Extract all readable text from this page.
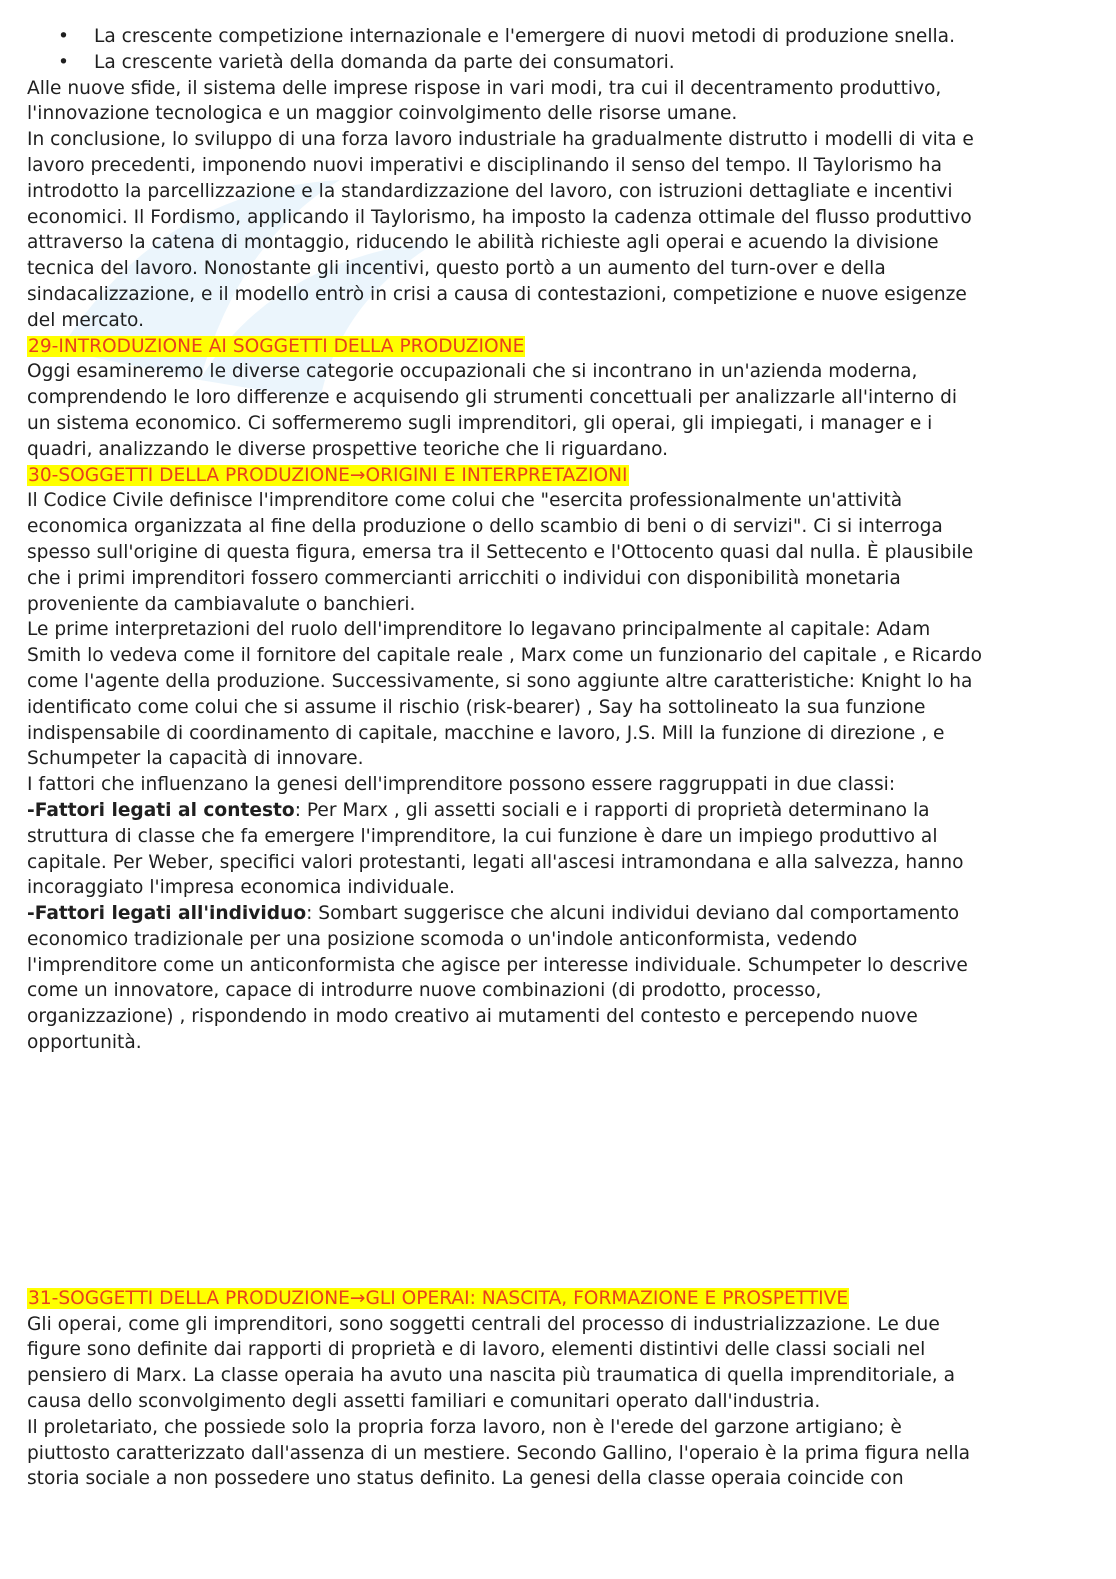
• La crescente competizione internazionale e l'emergere di nuovi metodi di produzione snella.
• La crescente varietà della domanda da parte dei consumatori.
Alle nuove sfide, il sistema delle imprese rispose in vari modi, tra cui il decentramento produttivo,
l'innovazione tecnologica e un maggior coinvolgimento delle risorse umane.
In conclusione, lo sviluppo di una forza lavoro industriale ha gradualmente distrutto i modelli di vita e
lavoro precedenti, imponendo nuovi imperativi e disciplinando il senso del tempo. Il Taylorismo ha
introdotto la parcellizzazione e la standardizzazione del lavoro, con istruzioni dettagliate e incentivi
economici. Il Fordismo, applicando il Taylorismo, ha imposto la cadenza ottimale del flusso produttivo
attraverso la catena di montaggio, riducendo le abilità richieste agli operai e acuendo la divisione
tecnica del lavoro. Nonostante gli incentivi, questo portò a un aumento del turn-over e della
sindacalizzazione, e il modello entrò in crisi a causa di contestazioni, competizione e nuove esigenze
del mercato.
29-INTRODUZIONE AI SOGGETTI DELLA PRODUZIONE
Oggi esamineremo le diverse categorie occupazionali che si incontrano in un'azienda moderna,
comprendendo le loro differenze e acquisendo gli strumenti concettuali per analizzarle all'interno di
un sistema economico. Ci soffermeremo sugli imprenditori, gli operai, gli impiegati, i manager e i
quadri, analizzando le diverse prospettive teoriche che li riguardano.
30-SOGGETTI DELLA PRODUZIONE→ORIGINI E INTERPRETAZIONI
Il Codice Civile definisce l'imprenditore come colui che "esercita professionalmente un'attività
economica organizzata al fine della produzione o dello scambio di beni o di servizi". Ci si interroga
spesso sull'origine di questa figura, emersa tra il Settecento e l'Ottocento quasi dal nulla. È plausibile
che i primi imprenditori fossero commercianti arricchiti o individui con disponibilità monetaria
proveniente da cambiavalute o banchieri.
Le prime interpretazioni del ruolo dell'imprenditore lo legavano principalmente al capitale: Adam
Smith lo vedeva come il fornitore del capitale reale , Marx come un funzionario del capitale , e Ricardo
come l'agente della produzione. Successivamente, si sono aggiunte altre caratteristiche: Knight lo ha
identificato come colui che si assume il rischio (risk-bearer) , Say ha sottolineato la sua funzione
indispensabile di coordinamento di capitale, macchine e lavoro, J.S. Mill la funzione di direzione , e
Schumpeter la capacità di innovare.
I fattori che influenzano la genesi dell'imprenditore possono essere raggruppati in due classi:
-Fattori legati al contesto: Per Marx , gli assetti sociali e i rapporti di proprietà determinano la
struttura di classe che fa emergere l'imprenditore, la cui funzione è dare un impiego produttivo al
capitale. Per Weber, specifici valori protestanti, legati all'ascesi intramondana e alla salvezza, hanno
incoraggiato l'impresa economica individuale.
-Fattori legati all'individuo: Sombart suggerisce che alcuni individui deviano dal comportamento
economico tradizionale per una posizione scomoda o un'indole anticonformista, vedendo
l'imprenditore come un anticonformista che agisce per interesse individuale. Schumpeter lo descrive
come un innovatore, capace di introdurre nuove combinazioni (di prodotto, processo,
organizzazione) , rispondendo in modo creativo ai mutamenti del contesto e percependo nuove
opportunità.
31-SOGGETTI DELLA PRODUZIONE→GLI OPERAI: NASCITA, FORMAZIONE E PROSPETTIVE
Gli operai, come gli imprenditori, sono soggetti centrali del processo di industrializzazione. Le due
figure sono definite dai rapporti di proprietà e di lavoro, elementi distintivi delle classi sociali nel
pensiero di Marx. La classe operaia ha avuto una nascita più traumatica di quella imprenditoriale, a
causa dello sconvolgimento degli assetti familiari e comunitari operato dall'industria.
Il proletariato, che possiede solo la propria forza lavoro, non è l'erede del garzone artigiano; è
piuttosto caratterizzato dall'assenza di un mestiere. Secondo Gallino, l'operaio è la prima figura nella
storia sociale a non possedere uno status definito. La genesi della classe operaia coincide con
